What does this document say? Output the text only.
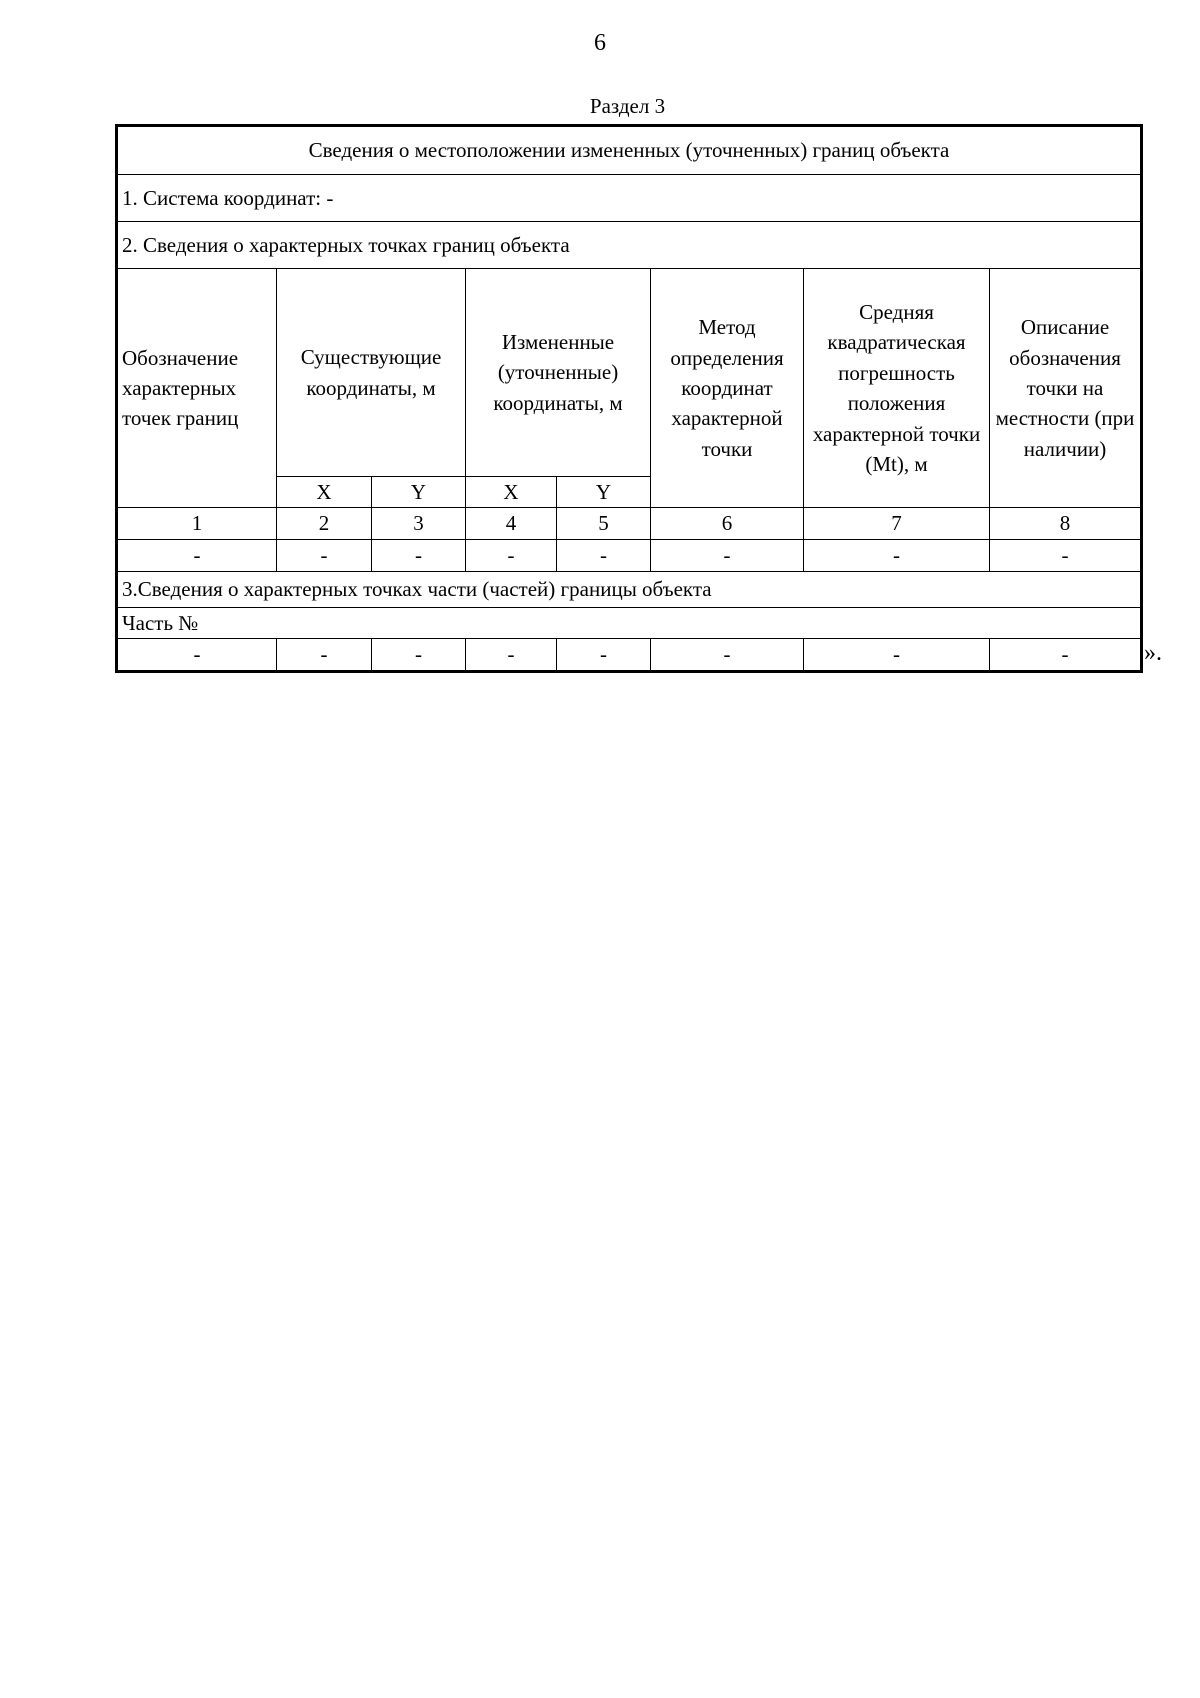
6
Раздел 3
Сведения о местоположении измененных (уточненных) границ объекта							
1. Система координат: -							
2. Сведения о характерных точках границ объекта							
Обозначение характерных точек границ	Существующие координаты, м		Измененные (уточненные) координаты, м		Метод определения координат характерной точки	Средняя квадратическая погрешность положения характерной точки (Mt), м	Описание обозначения точки на местности (при наличии)
	X	Y	X	Y			
1	2	3	4	5	6	7	8
-	-	-	-	-	-	-	-
3.Сведения о характерных точках части (частей) границы объекта							
Часть №							
-	-	-	-	-	-	-	-	».
